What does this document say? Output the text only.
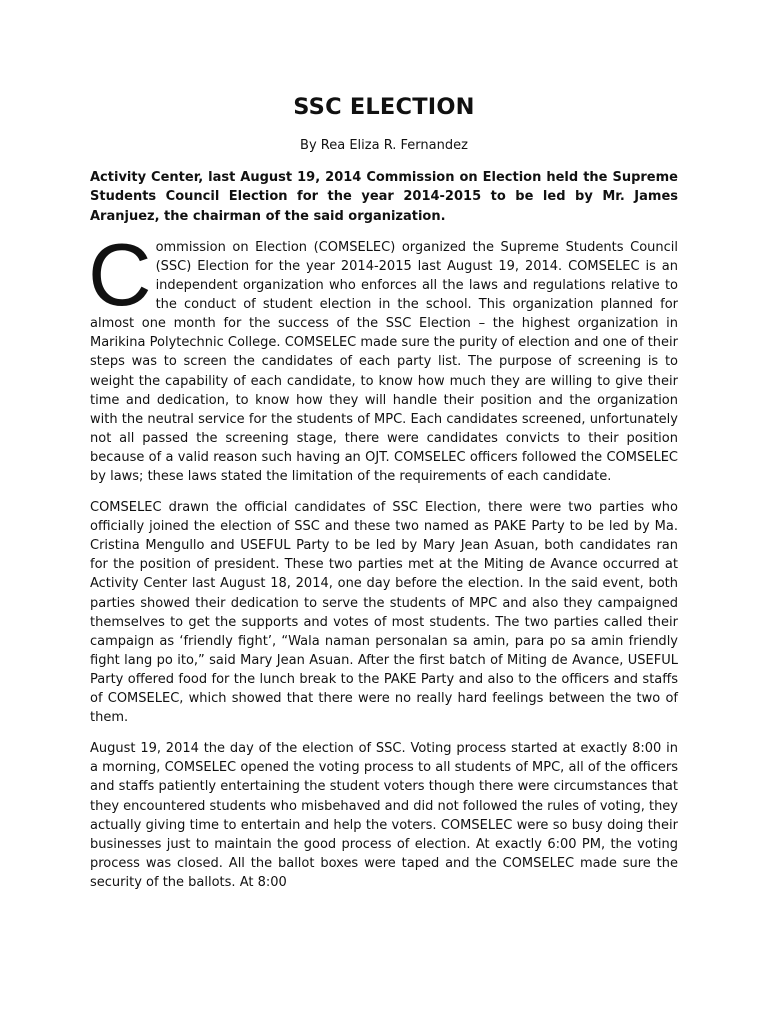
SSC ELECTION

By Rea Eliza R. Fernandez

Activity Center, last August 19, 2014 Commission on Election held the Supreme Students Council Election for the year 2014-2015 to be led by Mr. James Aranjuez, the chairman of the said organization.

Commission on Election (COMSELEC) organized the Supreme Students Council (SSC) Election for the year 2014-2015 last August 19, 2014. COMSELEC is an independent organization who enforces all the laws and regulations relative to the conduct of student election in the school. This organization planned for almost one month for the success of the SSC Election – the highest organization in Marikina Polytechnic College. COMSELEC made sure the purity of election and one of their steps was to screen the candidates of each party list. The purpose of screening is to weight the capability of each candidate, to know how much they are willing to give their time and dedication, to know how they will handle their position and the organization with the neutral service for the students of MPC. Each candidates screened, unfortunately not all passed the screening stage, there were candidates convicts to their position because of a valid reason such having an OJT. COMSELEC officers followed the COMSELEC by laws; these laws stated the limitation of the requirements of each candidate.

COMSELEC drawn the official candidates of SSC Election, there were two parties who officially joined the election of SSC and these two named as PAKE Party to be led by Ma. Cristina Mengullo and USEFUL Party to be led by Mary Jean Asuan, both candidates ran for the position of president. These two parties met at the Miting de Avance occurred at Activity Center last August 18, 2014, one day before the election. In the said event, both parties showed their dedication to serve the students of MPC and also they campaigned themselves to get the supports and votes of most students. The two parties called their campaign as ‘friendly fight’, “Wala naman personalan sa amin, para po sa amin friendly fight lang po ito,” said Mary Jean Asuan. After the first batch of Miting de Avance, USEFUL Party offered food for the lunch break to the PAKE Party and also to the officers and staffs of COMSELEC, which showed that there were no really hard feelings between the two of them.

August 19, 2014 the day of the election of SSC. Voting process started at exactly 8:00 in a morning, COMSELEC opened the voting process to all students of MPC, all of the officers and staffs patiently entertaining the student voters though there were circumstances that they encountered students who misbehaved and did not followed the rules of voting, they actually giving time to entertain and help the voters. COMSELEC were so busy doing their businesses just to maintain the good process of election. At exactly 6:00 PM, the voting process was closed. All the ballot boxes were taped and the COMSELEC made sure the security of the ballots. At 8:00
